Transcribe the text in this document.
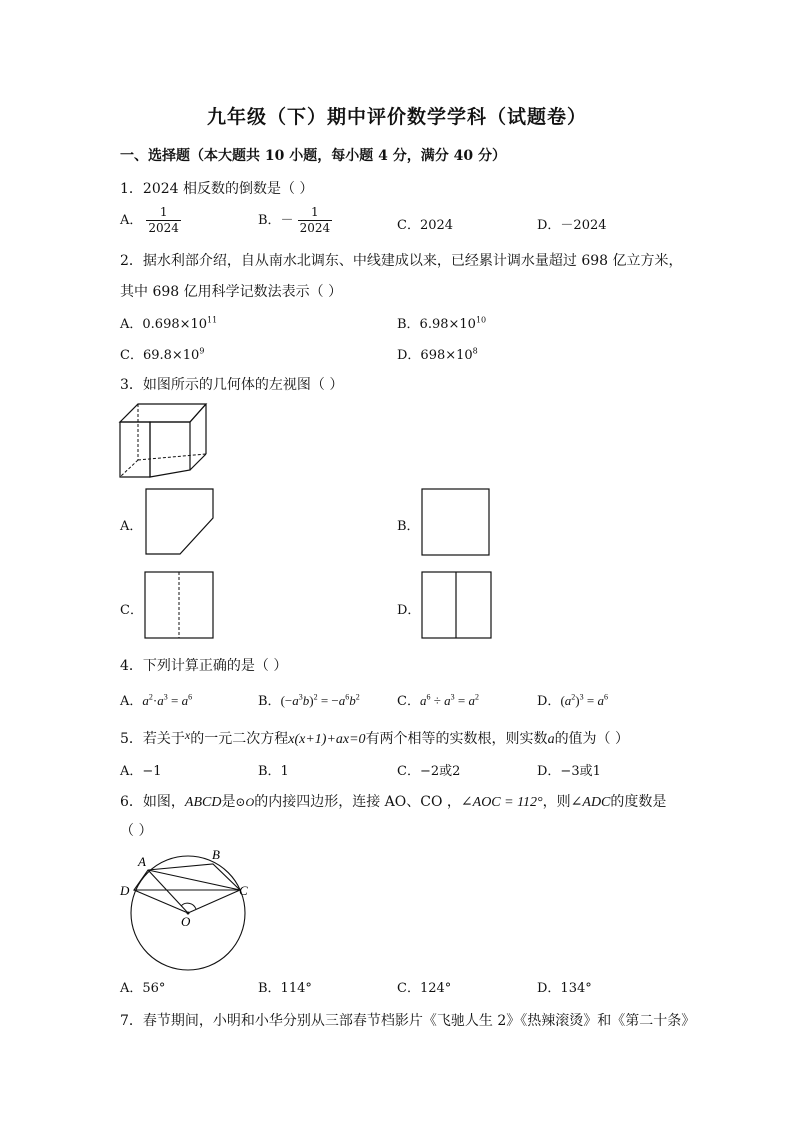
九年级（下）期中评价数学学科（试题卷）
一、选择题（本大题共 10 小题，每小题 4 分，满分 40 分）
1．2024 相反数的倒数是（ ）
A． $\frac{1}{2024}$	B．－ $\frac{1}{2024}$	C．2024	D．－2024
2．据水利部介绍，自从南水北调东、中线建成以来，已经累计调水量超过 698 亿立方米，
其中 698 亿用科学记数法表示（ ）
A．$0.698\times 10^{11}$	B．$6.98\times 10^{10}$
C．$69.8\times 10^9$	D．$698\times 10^8$
3．如图所示的几何体的左视图（ ）
A．	B．
C．	D．
4．下列计算正确的是（ ）
A．$a^2\cdot a^3 = a^6$	B．$(-a^3b)^2 = -a^6b^2$	C．$a^6 \div a^3 = a^2$	D．$(a^2)^3 = a^6$
5．若关于x的一元二次方程x(x+1)+ax=0有两个相等的实数根，则实数a的值为（ ）
A．−1	B．1	C．−2或2	D．−3或1
6．如图，ABCD是⊙O的内接四边形，连接 AO、CO ，∠AOC = 112°，则∠ADC的度数是
（ ）
A	B
C
D
O
A．56°	B．114°	C．124°	D．134°
7．春节期间，小明和小华分别从三部春节档影片《飞驰人生 2》《热辣滚烫》和《第二十条》
